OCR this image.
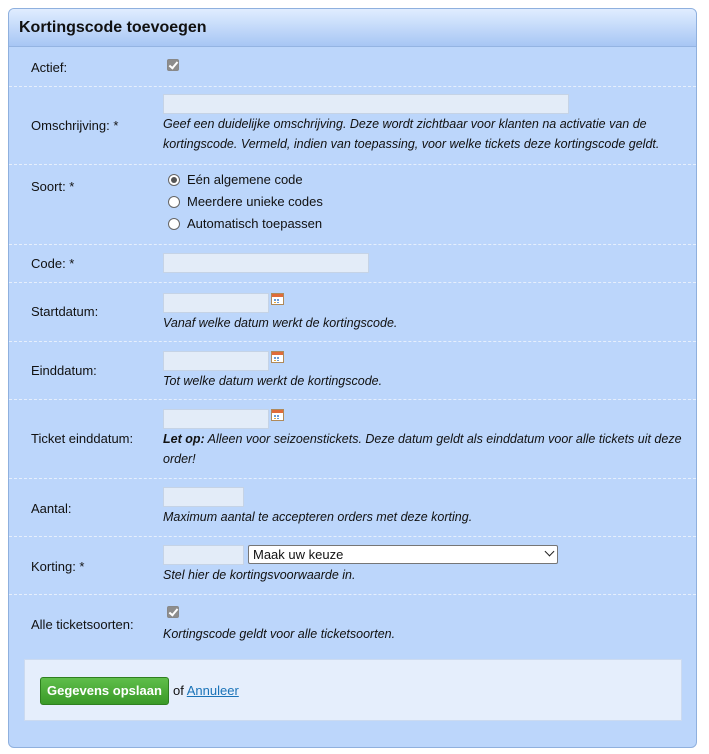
Kortingscode toevoegen
Actief:
Omschrijving: *	Geef een duidelijke omschrijving. Deze wordt zichtbaar voor klanten na activatie van de kortingscode. Vermeld, indien van toepassing, voor welke tickets deze kortingscode geldt.
Soort: *	Eén algemene code
Meerdere unieke codes
Automatisch toepassen
Code: *
Startdatum:
Vanaf welke datum werkt de kortingscode.
Einddatum:
Tot welke datum werkt de kortingscode.
Ticket einddatum: Let op: Alleen voor seizoenstickets. Deze datum geldt als einddatum voor alle tickets uit deze order!
Aantal:
Maximum aantal te accepteren orders met deze korting.
Korting: *
Maak uw keuze
Stel hier de kortingsvoorwaarde in.
Alle ticketsoorten:
Kortingscode geldt voor alle ticketsoorten.
Gegevens opslaan of Annuleer
